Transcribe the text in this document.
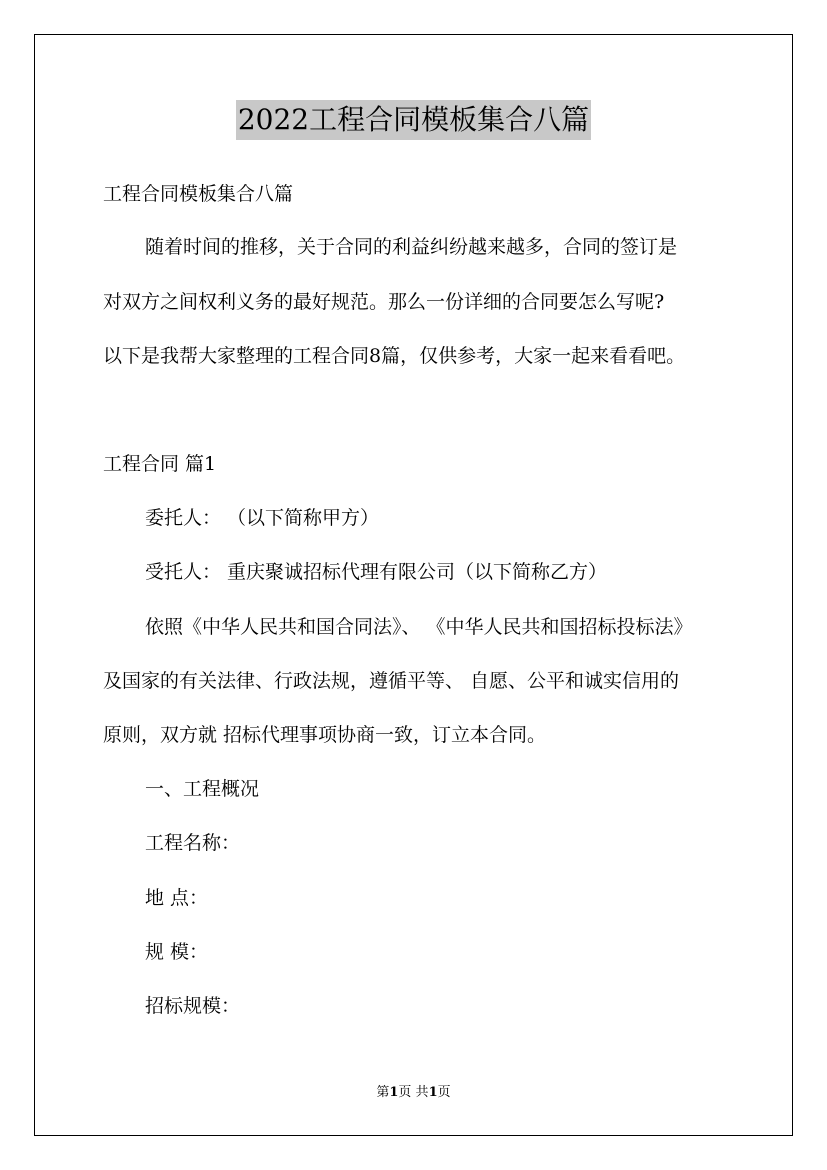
2022工程合同模板集合八篇
工程合同模板集合八篇
随着时间的推移，关于合同的利益纠纷越来越多，合同的签订是
对双方之间权利义务的最好规范。那么一份详细的合同要怎么写呢?
以下是我帮大家整理的工程合同8篇，仅供参考，大家一起来看看吧。
工程合同 篇1
委托人： （以下简称甲方）
受托人： 重庆聚诚招标代理有限公司（以下简称乙方）
依照《中华人民共和国合同法》、 《中华人民共和国招标投标法》
及国家的有关法律、行政法规，遵循平等、 自愿、公平和诚实信用的
原则，双方就 招标代理事项协商一致，订立本合同。
一、工程概况
工程名称：
地 点：
规 模：
招标规模：
第1页 共1页
